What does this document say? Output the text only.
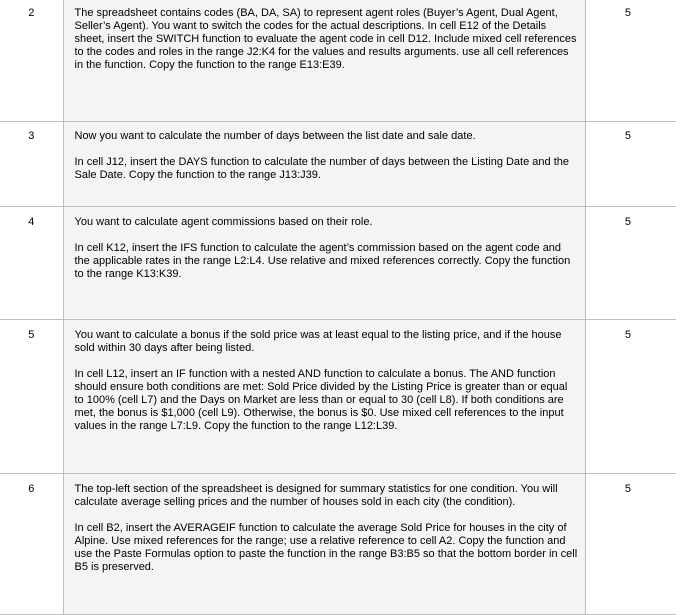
2	The spreadsheet contains codes (BA, DA, SA) to represent agent roles (Buyer’s Agent, Dual Agent, Seller’s Agent). You want to switch the codes for the actual descriptions. In cell E12 of the Details sheet, insert the SWITCH function to evaluate the agent code in cell D12. Include mixed cell references to the codes and roles in the range J2:K4 for the values and results arguments. use all cell references in the function. Copy the function to the range E13:E39.	5
3	Now you want to calculate the number of days between the list date and sale date.

In cell J12, insert the DAYS function to calculate the number of days between the Listing Date and the Sale Date. Copy the function to the range J13:J39.	5
4	You want to calculate agent commissions based on their role.

In cell K12, insert the IFS function to calculate the agent’s commission based on the agent code and the applicable rates in the range L2:L4. Use relative and mixed references correctly. Copy the function to the range K13:K39.	5
5	You want to calculate a bonus if the sold price was at least equal to the listing price, and if the house sold within 30 days after being listed.

In cell L12, insert an IF function with a nested AND function to calculate a bonus. The AND function should ensure both conditions are met: Sold Price divided by the Listing Price is greater than or equal to 100% (cell L7) and the Days on Market are less than or equal to 30 (cell L8). If both conditions are met, the bonus is $1,000 (cell L9). Otherwise, the bonus is $0. Use mixed cell references to the input values in the range L7:L9. Copy the function to the range L12:L39.	5
6	The top-left section of the spreadsheet is designed for summary statistics for one condition. You will calculate average selling prices and the number of houses sold in each city (the condition).

In cell B2, insert the AVERAGEIF function to calculate the average Sold Price for houses in the city of Alpine. Use mixed references for the range; use a relative reference to cell A2. Copy the function and use the Paste Formulas option to paste the function in the range B3:B5 so that the bottom border in cell B5 is preserved.	5
